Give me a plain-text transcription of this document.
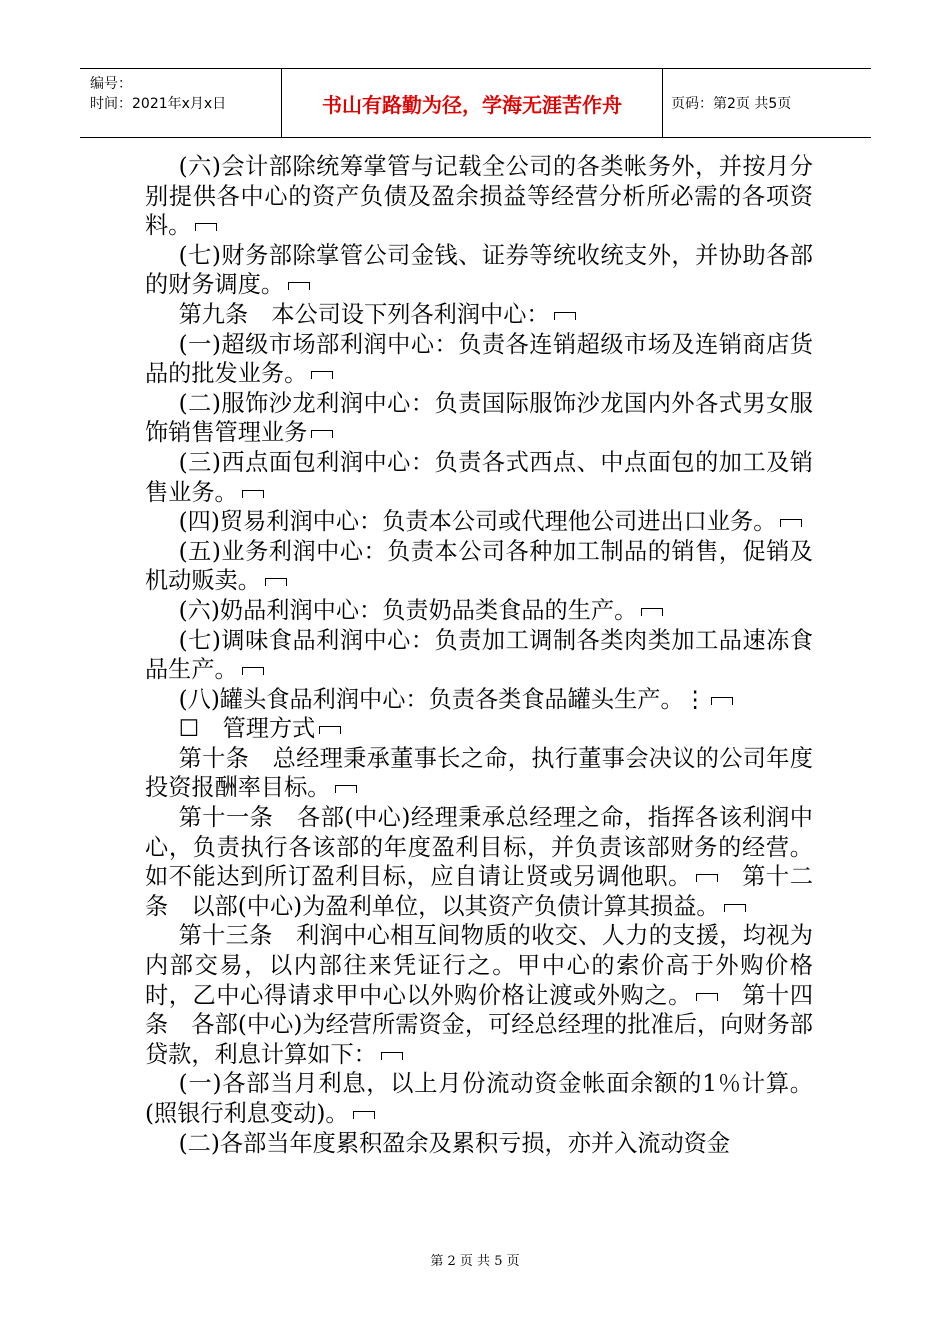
编号：
时间：2021年x月x日	书山有路勤为径，学海无涯苦作舟	页码：第2页 共5页

(六)会计部除统筹掌管与记载全公司的各类帐务外，并按月分别提供各中心的资产负债及盈余损益等经营分析所必需的各项资料。

(七)财务部除掌管公司金钱、证券等统收统支外，并协助各部的财务调度。

第九条　本公司设下列各利润中心：

(一)超级市场部利润中心：负责各连销超级市场及连销商店货品的批发业务。

(二)服饰沙龙利润中心：负责国际服饰沙龙国内外各式男女服饰销售管理业务

(三)西点面包利润中心：负责各式西点、中点面包的加工及销售业务。

(四)贸易利润中心：负责本公司或代理他公司进出口业务。

(五)业务利润中心：负责本公司各种加工制品的销售，促销及机动贩卖。

(六)奶品利润中心：负责奶品类食品的生产。

(七)调味食品利润中心：负责加工调制各类肉类加工品速冻食品生产。

(八)罐头食品利润中心：负责各类食品罐头生产。⋮

☐　管理方式

第十条　总经理秉承董事长之命，执行董事会决议的公司年度投资报酬率目标。

第十一条　各部(中心)经理秉承总经理之命，指挥各该利润中心，负责执行各该部的年度盈利目标，并负责该部财务的经营。如不能达到所订盈利目标，应自请让贤或另调他职。　 第十二条　以部(中心)为盈利单位，以其资产负债计算其损益。

第十三条　利润中心相互间物质的收交、人力的支援，均视为内部交易，以内部往来凭证行之。甲中心的索价高于外购价格时，乙中心得请求甲中心以外购价格让渡或外购之。　 第十四条　各部(中心)为经营所需资金，可经总经理的批准后，向财务部贷款，利息计算如下：

(一)各部当月利息，以上月份流动资金帐面余额的1％计算。(照银行利息变动)。

(二)各部当年度累积盈余及累积亏损，亦并入流动资金

第 2 页 共 5 页
